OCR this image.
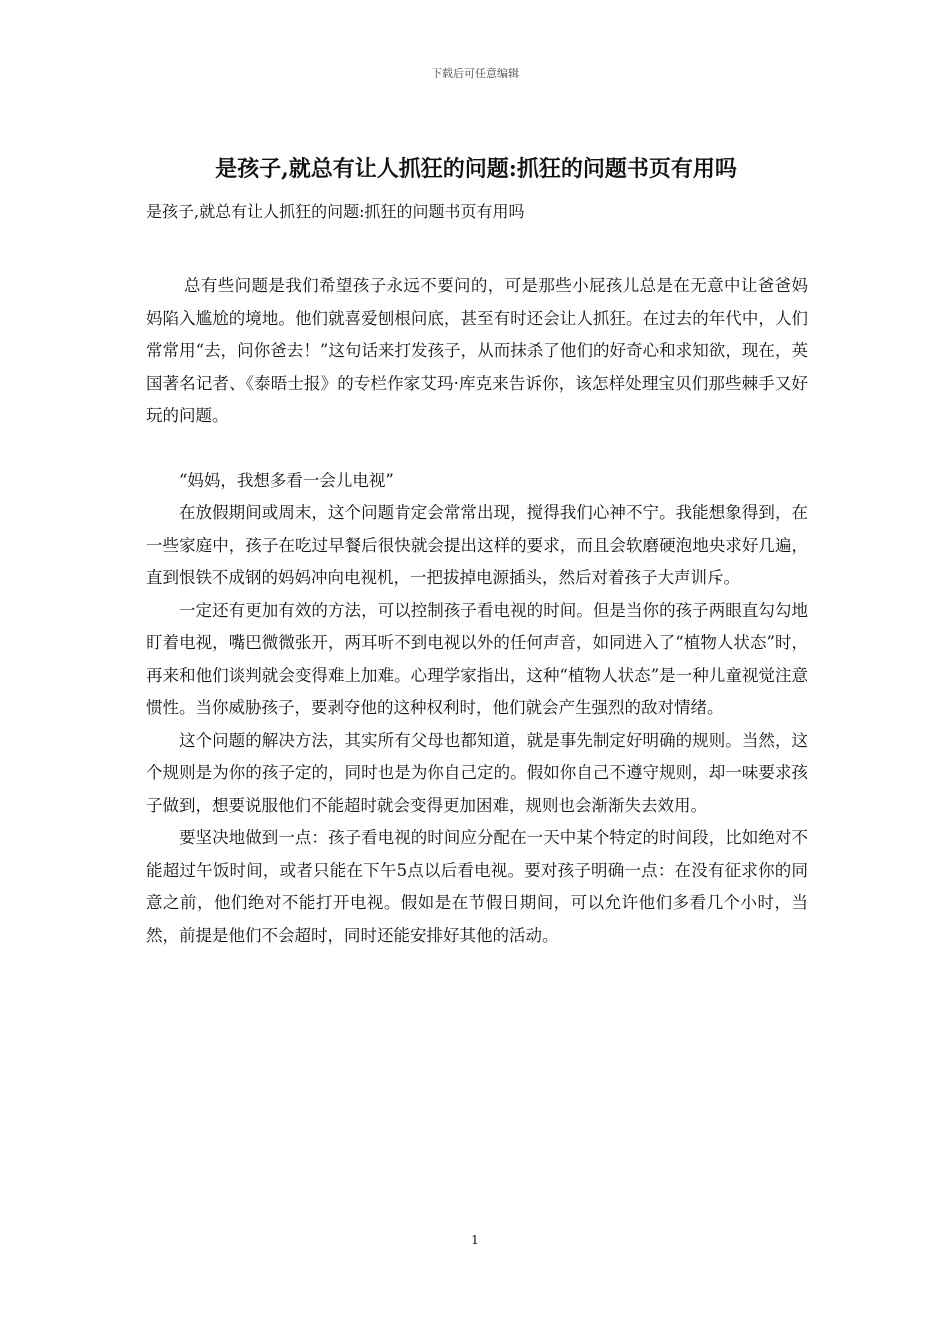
下载后可任意编辑
是孩子,就总有让人抓狂的问题:抓狂的问题书页有用吗

是孩子,就总有让人抓狂的问题:抓狂的问题书页有用吗

总有些问题是我们希望孩子永远不要问的，可是那些小屁孩儿总是在无意中让爸爸妈妈陷入尴尬的境地。他们就喜爱刨根问底，甚至有时还会让人抓狂。在过去的年代中，人们常常用“去，问你爸去！”这句话来打发孩子，从而抹杀了他们的好奇心和求知欲，现在，英国著名记者、《泰晤士报》的专栏作家艾玛·库克来告诉你，该怎样处理宝贝们那些棘手又好玩的问题。

“妈妈，我想多看一会儿电视”

在放假期间或周末，这个问题肯定会常常出现，搅得我们心神不宁。我能想象得到，在一些家庭中，孩子在吃过早餐后很快就会提出这样的要求，而且会软磨硬泡地央求好几遍，直到恨铁不成钢的妈妈冲向电视机，一把拔掉电源插头，然后对着孩子大声训斥。

一定还有更加有效的方法，可以控制孩子看电视的时间。但是当你的孩子两眼直勾勾地盯着电视，嘴巴微微张开，两耳听不到电视以外的任何声音，如同进入了“植物人状态”时，再来和他们谈判就会变得难上加难。心理学家指出，这种“植物人状态”是一种儿童视觉注意惯性。当你威胁孩子，要剥夺他的这种权利时，他们就会产生强烈的敌对情绪。

这个问题的解决方法，其实所有父母也都知道，就是事先制定好明确的规则。当然，这个规则是为你的孩子定的，同时也是为你自己定的。假如你自己不遵守规则，却一味要求孩子做到，想要说服他们不能超时就会变得更加困难，规则也会渐渐失去效用。

要坚决地做到一点：孩子看电视的时间应分配在一天中某个特定的时间段，比如绝对不能超过午饭时间，或者只能在下午5点以后看电视。要对孩子明确一点：在没有征求你的同意之前，他们绝对不能打开电视。假如是在节假日期间，可以允许他们多看几个小时，当然，前提是他们不会超时，同时还能安排好其他的活动。

1
